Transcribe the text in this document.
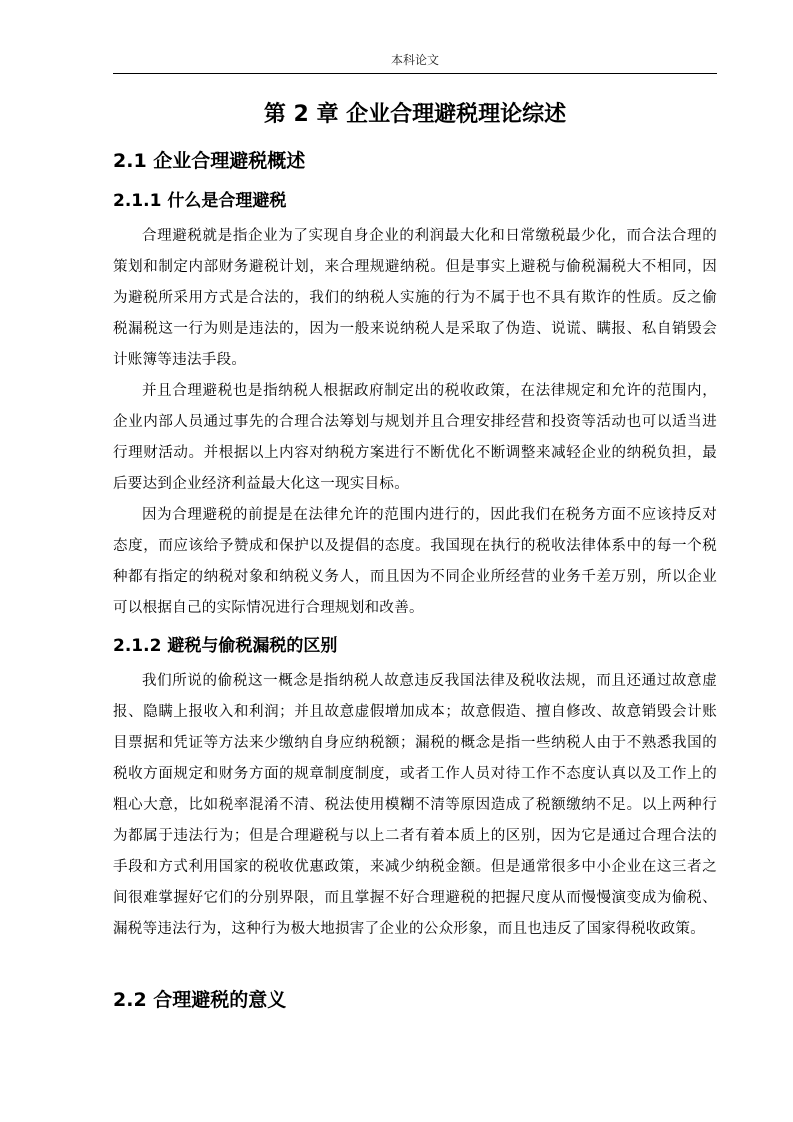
本科论文
第 2 章 企业合理避税理论综述
2.1 企业合理避税概述
2.1.1 什么是合理避税

合理避税就是指企业为了实现自身企业的利润最大化和日常缴税最少化，而合法合理的策划和制定内部财务避税计划，来合理规避纳税。但是事实上避税与偷税漏税大不相同，因为避税所采用方式是合法的，我们的纳税人实施的行为不属于也不具有欺诈的性质。反之偷税漏税这一行为则是违法的，因为一般来说纳税人是采取了伪造、说谎、瞒报、私自销毁会计账簿等违法手段。

并且合理避税也是指纳税人根据政府制定出的税收政策，在法律规定和允许的范围内，企业内部人员通过事先的合理合法筹划与规划并且合理安排经营和投资等活动也可以适当进行理财活动。并根据以上内容对纳税方案进行不断优化不断调整来减轻企业的纳税负担，最后要达到企业经济利益最大化这一现实目标。

因为合理避税的前提是在法律允许的范围内进行的，因此我们在税务方面不应该持反对态度，而应该给予赞成和保护以及提倡的态度。我国现在执行的税收法律体系中的每一个税种都有指定的纳税对象和纳税义务人，而且因为不同企业所经营的业务千差万别，所以企业可以根据自己的实际情况进行合理规划和改善。

2.1.2 避税与偷税漏税的区别

我们所说的偷税这一概念是指纳税人故意违反我国法律及税收法规，而且还通过故意虚报、隐瞒上报收入和利润；并且故意虚假增加成本；故意假造、擅自修改、故意销毁会计账目票据和凭证等方法来少缴纳自身应纳税额；漏税的概念是指一些纳税人由于不熟悉我国的税收方面规定和财务方面的规章制度制度，或者工作人员对待工作不态度认真以及工作上的粗心大意，比如税率混淆不清、税法使用模糊不清等原因造成了税额缴纳不足。以上两种行为都属于违法行为；但是合理避税与以上二者有着本质上的区别，因为它是通过合理合法的手段和方式利用国家的税收优惠政策，来减少纳税金额。但是通常很多中小企业在这三者之间很难掌握好它们的分别界限，而且掌握不好合理避税的把握尺度从而慢慢演变成为偷税、漏税等违法行为，这种行为极大地损害了企业的公众形象，而且也违反了国家得税收政策。

2.2 合理避税的意义
